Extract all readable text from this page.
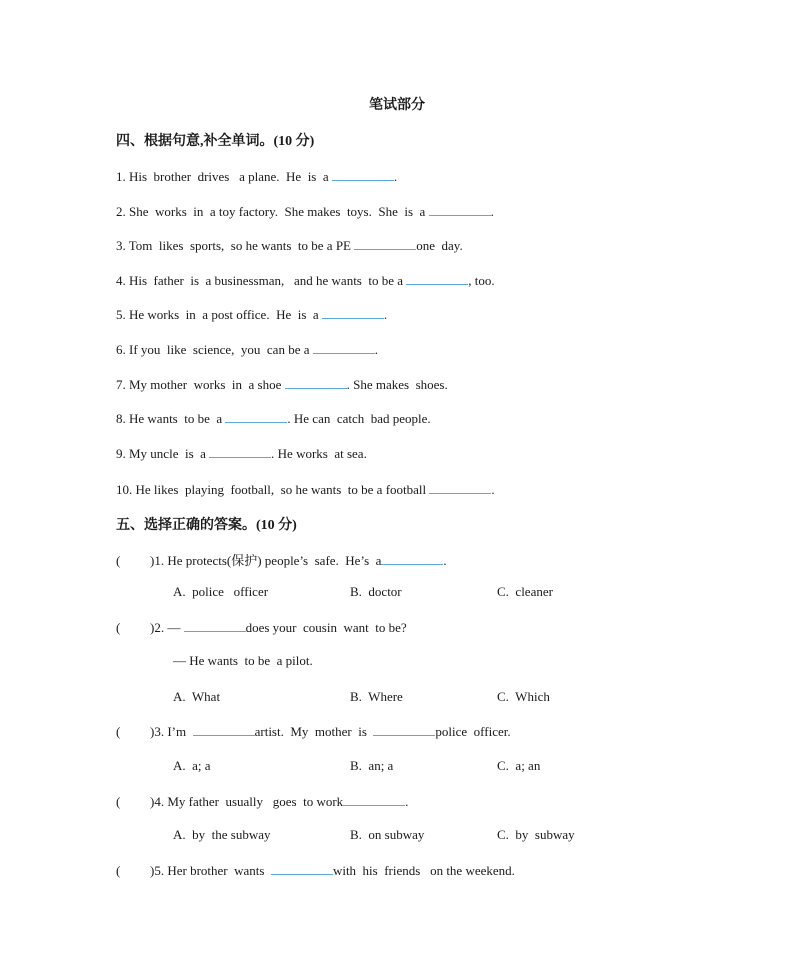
笔试部分
四、根据句意,补全单词。(10 分)
1. His  brother  drives   a plane.  He  is  a	.
2. She  works  in  a toy factory.  She makes  toys.  She  is  a	.
3. Tom  likes  sports,  so he wants  to be a PE	one  day.
4. His  father  is  a businessman,   and he wants  to be a	, too.
5. He works  in  a post office.  He  is  a	.
6. If you  like  science,  you  can be a	.
7. My mother  works  in  a shoe	. She makes  shoes.
8. He wants  to be  a	. He can  catch  bad people.
9. My uncle  is  a	. He works  at sea.
10. He likes  playing  football,  so he wants  to be a football	.
五、选择正确的答案。(10 分)
( )1. He protects(保护) people’s  safe.  He’s  a	.
A.  police   officer	B.  doctor	C.  cleaner
( )2. —	does your  cousin  want  to be?
— He wants  to be  a pilot.
A.  What	B.  Where	C.  Which
( )3. I’m	artist.  My  mother  is	police  officer.
A.  a; a	B.  an; a	C.  a; an
( )4. My father  usually   goes  to work	.
A.  by  the subway	B.  on subway	C.  by  subway
( )5. Her brother  wants	with  his  friends   on the weekend.
